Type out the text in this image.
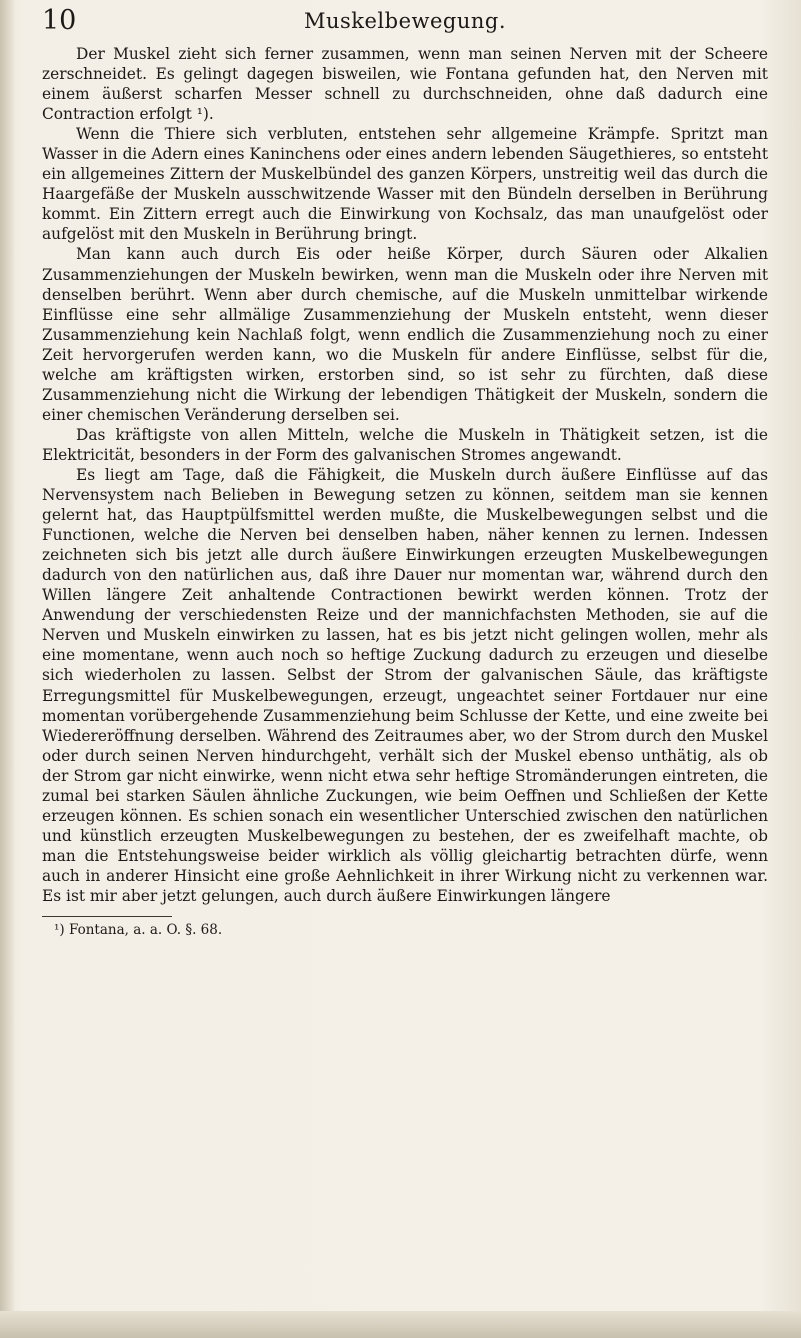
10	Muskelbewegung.

Der Muskel zieht sich ferner zusammen, wenn man seinen Nerven mit der Scheere zerschneidet. Es gelingt dagegen bisweilen, wie Fontana gefunden hat, den Nerven mit einem äußerst scharfen Messer schnell zu durchschneiden, ohne daß dadurch eine Contraction erfolgt ¹).

Wenn die Thiere sich verbluten, entstehen sehr allgemeine Krämpfe. Spritzt man Wasser in die Adern eines Kaninchens oder eines andern lebenden Säugethieres, so entsteht ein allgemeines Zittern der Muskelbündel des ganzen Körpers, unstreitig weil das durch die Haargefäße der Muskeln ausschwitzende Wasser mit den Bündeln derselben in Berührung kommt. Ein Zittern erregt auch die Einwirkung von Kochsalz, das man unaufgelöst oder aufgelöst mit den Muskeln in Berührung bringt.

Man kann auch durch Eis oder heiße Körper, durch Säuren oder Alkalien Zusammenziehungen der Muskeln bewirken, wenn man die Muskeln oder ihre Nerven mit denselben berührt. Wenn aber durch chemische, auf die Muskeln unmittelbar wirkende Einflüsse eine sehr allmälige Zusammenziehung der Muskeln entsteht, wenn dieser Zusammenziehung kein Nachlaß folgt, wenn endlich die Zusammenziehung noch zu einer Zeit hervorgerufen werden kann, wo die Muskeln für andere Einflüsse, selbst für die, welche am kräftigsten wirken, erstorben sind, so ist sehr zu fürchten, daß diese Zusammenziehung nicht die Wirkung der lebendigen Thätigkeit der Muskeln, sondern die einer chemischen Veränderung derselben sei.

Das kräftigste von allen Mitteln, welche die Muskeln in Thätigkeit setzen, ist die Elektricität, besonders in der Form des galvanischen Stromes angewandt.

Es liegt am Tage, daß die Fähigkeit, die Muskeln durch äußere Einflüsse auf das Nervensystem nach Belieben in Bewegung setzen zu können, seitdem man sie kennen gelernt hat, das Hauptpülfsmittel werden mußte, die Muskelbewegungen selbst und die Functionen, welche die Nerven bei denselben haben, näher kennen zu lernen. Indessen zeichneten sich bis jetzt alle durch äußere Einwirkungen erzeugten Muskelbewegungen dadurch von den natürlichen aus, daß ihre Dauer nur momentan war, während durch den Willen längere Zeit anhaltende Contractionen bewirkt werden können. Trotz der Anwendung der verschiedensten Reize und der mannichfachsten Methoden, sie auf die Nerven und Muskeln einwirken zu lassen, hat es bis jetzt nicht gelingen wollen, mehr als eine momentane, wenn auch noch so heftige Zuckung dadurch zu erzeugen und dieselbe sich wiederholen zu lassen. Selbst der Strom der galvanischen Säule, das kräftigste Erregungsmittel für Muskelbewegungen, erzeugt, ungeachtet seiner Fortdauer nur eine momentan vorübergehende Zusammenziehung beim Schlusse der Kette, und eine zweite bei Wiedereröffnung derselben. Während des Zeitraumes aber, wo der Strom durch den Muskel oder durch seinen Nerven hindurchgeht, verhält sich der Muskel ebenso unthätig, als ob der Strom gar nicht einwirke, wenn nicht etwa sehr heftige Stromänderungen eintreten, die zumal bei starken Säulen ähnliche Zuckungen, wie beim Oeffnen und Schließen der Kette erzeugen können. Es schien sonach ein wesentlicher Unterschied zwischen den natürlichen und künstlich erzeugten Muskelbewegungen zu bestehen, der es zweifelhaft machte, ob man die Entstehungsweise beider wirklich als völlig gleichartig betrachten dürfe, wenn auch in anderer Hinsicht eine große Aehnlichkeit in ihrer Wirkung nicht zu verkennen war. Es ist mir aber jetzt gelungen, auch durch äußere Einwirkungen längere

¹) Fontana, a. a. O. §. 68.
